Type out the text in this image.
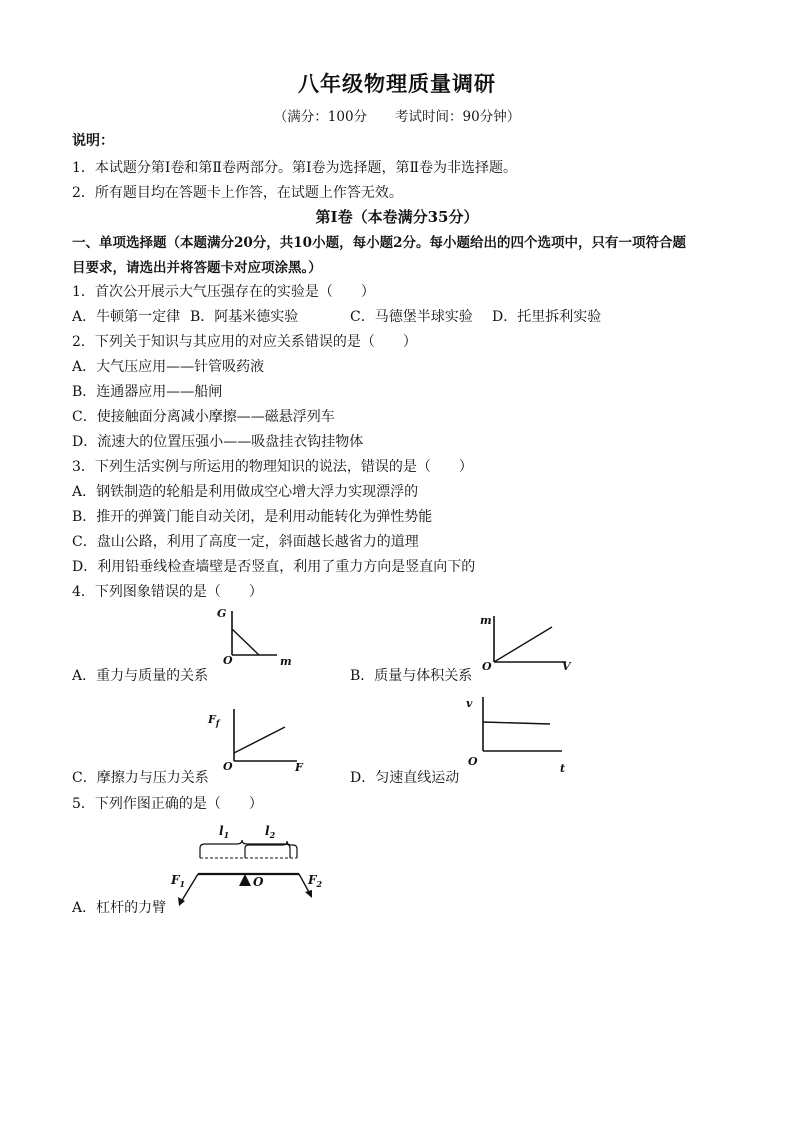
八年级物理质量调研
（满分：100分 考试时间：90分钟）
说明：
1．本试题分第Ⅰ卷和第Ⅱ卷两部分。第Ⅰ卷为选择题，第Ⅱ卷为非选择题。
2．所有题目均在答题卡上作答，在试题上作答无效。
第Ⅰ卷（本卷满分35分）
一、单项选择题（本题满分20分，共10小题，每小题2分。每小题给出的四个选项中，只有一项符合题
目要求，请选出并将答题卡对应项涂黑。）
1．首次公开展示大气压强存在的实验是（　　）
A．牛顿第一定律 B．阿基米德实验	C．马德堡半球实验 D．托里拆利实验
2．下列关于知识与其应用的对应关系错误的是（　　）
A．大气压应用——针管吸药液
B．连通器应用——船闸
C．使接触面分离减小摩擦——磁悬浮列车
D．流速大的位置压强小——吸盘挂衣钩挂物体
3．下列生活实例与所运用的物理知识的说法，错误的是（　　）
A．钢铁制造的轮船是利用做成空心增大浮力实现漂浮的
B．推开的弹簧门能自动关闭，是利用动能转化为弹性势能
C．盘山公路，利用了高度一定，斜面越长越省力的道理
D．利用铅垂线检查墙壁是否竖直，利用了重力方向是竖直向下的
4．下列图象错误的是（　　）
G
O	m
A．重力与质量的关系
m
O	V
B．质量与体积关系
$F_f$
O	F
C．摩擦力与压力关系
v
O
t
D．匀速直线运动
5．下列作图正确的是（　　）
$l_1$	$l_2$
O
$F_1$	$F_2$
A．杠杆的力臂
